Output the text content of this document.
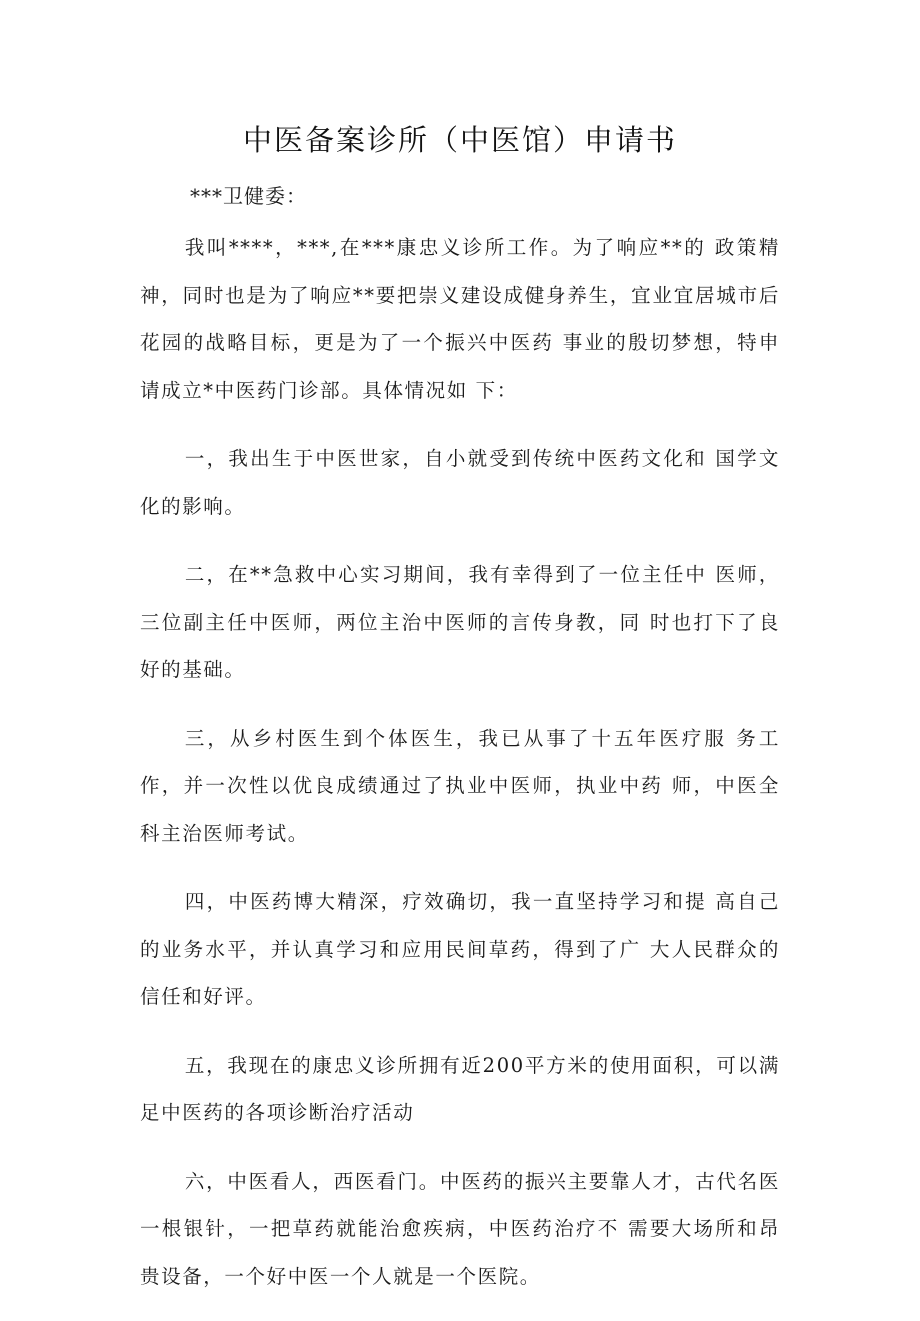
中医备案诊所（中医馆）申请书
***卫健委：

我叫****，***,在***康忠义诊所工作。为了响应**的 政策精神，同时也是为了响应**要把崇义建设成健身养生，宜业宜居城市后花园的战略目标，更是为了一个振兴中医药 事业的殷切梦想，特申请成立*中医药门诊部。具体情况如 下：

一，我出生于中医世家，自小就受到传统中医药文化和 国学文化的影响。

二，在**急救中心实习期间，我有幸得到了一位主任中 医师，三位副主任中医师，两位主治中医师的言传身教，同 时也打下了良好的基础。

三，从乡村医生到个体医生，我已从事了十五年医疗服 务工作，并一次性以优良成绩通过了执业中医师，执业中药 师，中医全科主治医师考试。

四，中医药博大精深，疗效确切，我一直坚持学习和提 高自己的业务水平，并认真学习和应用民间草药，得到了广 大人民群众的信任和好评。

五，我现在的康忠义诊所拥有近200平方米的使用面积，可以满足中医药的各项诊断治疗活动

六，中医看人，西医看门。中医药的振兴主要靠人才，古代名医一根银针，一把草药就能治愈疾病，中医药治疗不 需要大场所和昂贵设备，一个好中医一个人就是一个医院。
